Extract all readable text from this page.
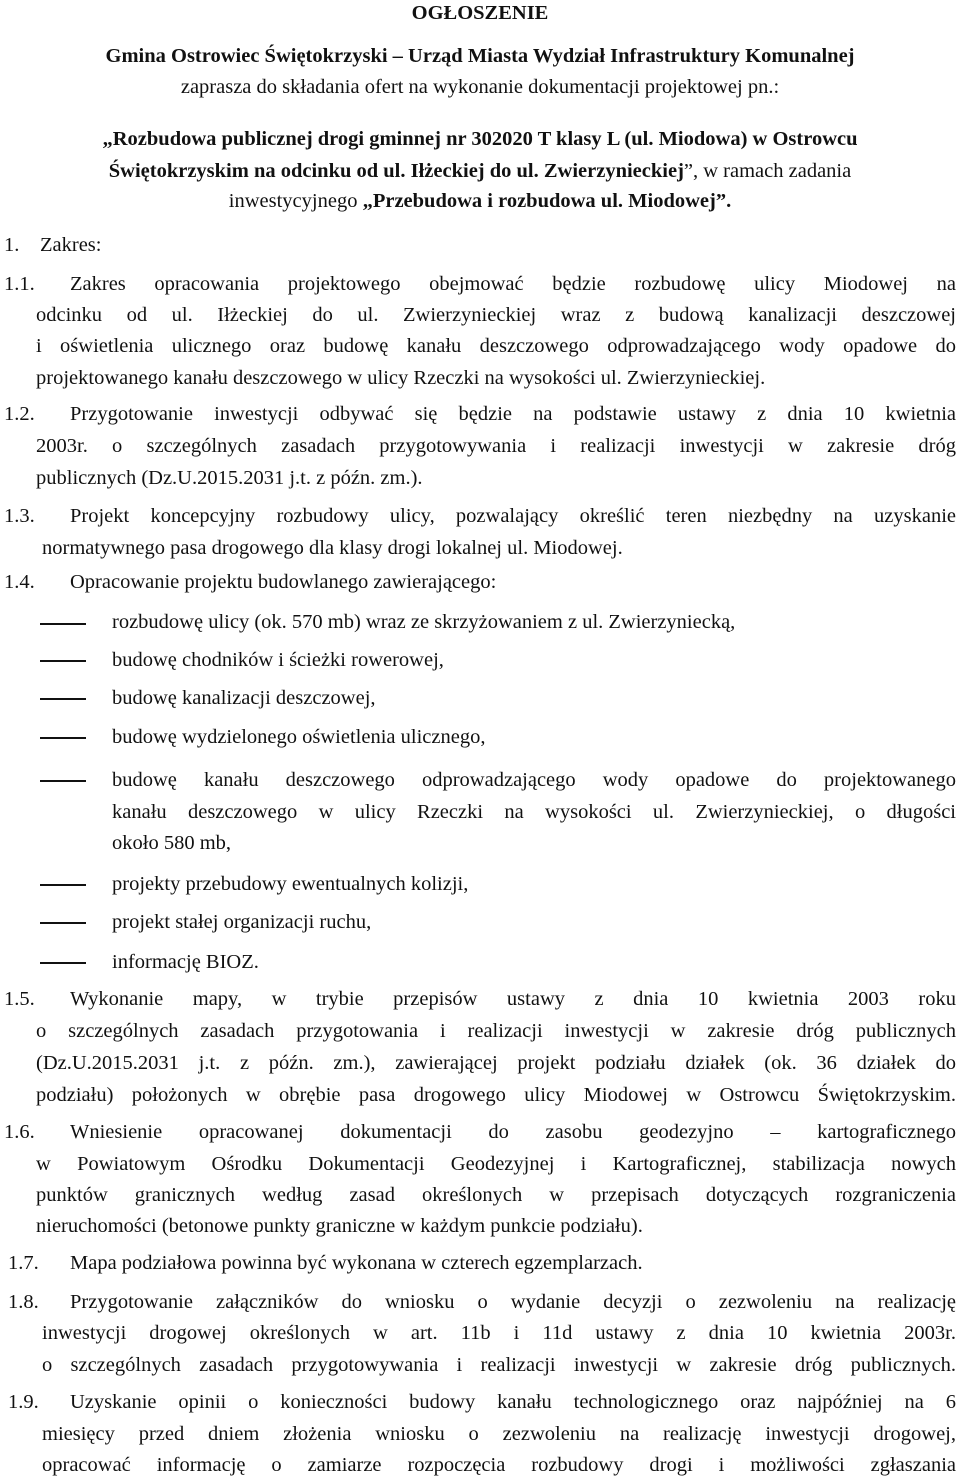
OGŁOSZENIE
Gmina Ostrowiec Świętokrzyski – Urząd Miasta Wydział Infrastruktury Komunalnej
zaprasza do składania ofert na wykonanie dokumentacji projektowej pn.:
„Rozbudowa publicznej drogi gminnej nr 302020 T klasy L (ul. Miodowa) w Ostrowcu
Świętokrzyskim na odcinku od ul. Iłżeckiej do ul. Zwierzynieckiej”, w ramach zadania
inwestycyjnego „Przebudowa i rozbudowa ul. Miodowej”.
1. Zakres:
1.1. Zakres opracowania projektowego obejmować będzie rozbudowę ulicy Miodowej na
odcinku od ul. Iłżeckiej do ul. Zwierzynieckiej wraz z budową kanalizacji deszczowej
i oświetlenia ulicznego oraz budowę kanału deszczowego odprowadzającego wody opadowe do
projektowanego kanału deszczowego w ulicy Rzeczki na wysokości ul. Zwierzynieckiej.
1.2. Przygotowanie inwestycji odbywać się będzie na podstawie ustawy z dnia 10 kwietnia
2003r. o szczególnych zasadach przygotowywania i realizacji inwestycji w zakresie dróg
publicznych (Dz.U.2015.2031 j.t. z późn. zm.).
1.3. Projekt koncepcyjny rozbudowy ulicy, pozwalający określić teren niezbędny na uzyskanie
normatywnego pasa drogowego dla klasy drogi lokalnej ul. Miodowej.
1.4. Opracowanie projektu budowlanego zawierającego:
rozbudowę ulicy (ok. 570 mb) wraz ze skrzyżowaniem z ul. Zwierzyniecką,
budowę chodników i ścieżki rowerowej,
budowę kanalizacji deszczowej,
budowę wydzielonego oświetlenia ulicznego,
budowę kanału deszczowego odprowadzającego wody opadowe do projektowanego
kanału deszczowego w ulicy Rzeczki na wysokości ul. Zwierzynieckiej, o długości
około 580 mb,
projekty przebudowy ewentualnych kolizji,
projekt stałej organizacji ruchu,
informację BIOZ.
1.5. Wykonanie mapy, w trybie przepisów ustawy z dnia 10 kwietnia 2003 roku
o szczególnych zasadach przygotowania i realizacji inwestycji w zakresie dróg publicznych
(Dz.U.2015.2031 j.t. z późn. zm.), zawierającej projekt podziału działek (ok. 36 działek do
podziału) położonych w obrębie pasa drogowego ulicy Miodowej w Ostrowcu Świętokrzyskim.
1.6. Wniesienie opracowanej dokumentacji do zasobu geodezyjno – kartograficznego
w Powiatowym Ośrodku Dokumentacji Geodezyjnej i Kartograficznej, stabilizacja nowych
punktów granicznych według zasad określonych w przepisach dotyczących rozgraniczenia
nieruchomości (betonowe punkty graniczne w każdym punkcie podziału).
1.7. Mapa podziałowa powinna być wykonana w czterech egzemplarzach.
1.8. Przygotowanie załączników do wniosku o wydanie decyzji o zezwoleniu na realizację
inwestycji drogowej określonych w art. 11b i 11d ustawy z dnia 10 kwietnia 2003r.
o szczególnych zasadach przygotowywania i realizacji inwestycji w zakresie dróg publicznych.
1.9. Uzyskanie opinii o konieczności budowy kanału technologicznego oraz najpóźniej na 6
miesięcy przed dniem złożenia wniosku o zezwoleniu na realizację inwestycji drogowej,
opracować informację o zamiarze rozpoczęcia rozbudowy drogi i możliwości zgłaszania
